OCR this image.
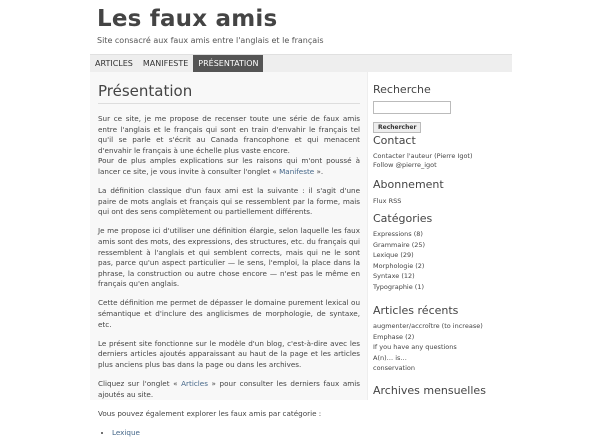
Les faux amis
Site consacré aux faux amis entre l'anglais et le français
ARTICLES	MANIFESTE	PRÉSENTATION
Présentation

Sur ce site, je me propose de recenser toute une série de faux amis entre l'anglais et le français qui sont en train d'envahir le français tel qu'il se parle et s'écrit au Canada francophone et qui menacent d'envahir le français à une échelle plus vaste encore.
Pour de plus amples explications sur les raisons qui m'ont poussé à lancer ce site, je vous invite à consulter l'onglet « Manifeste ».

La définition classique d'un faux ami est la suivante : il s'agit d'une paire de mots anglais et français qui se ressemblent par la forme, mais qui ont des sens complètement ou partiellement différents.

Je me propose ici d'utiliser une définition élargie, selon laquelle les faux amis sont des mots, des expressions, des structures, etc. du français qui ressemblent à l'anglais et qui semblent corrects, mais qui ne le sont pas, parce qu'un aspect particulier — le sens, l'emploi, la place dans la phrase, la construction ou autre chose encore — n'est pas le même en français qu'en anglais.

Cette définition me permet de dépasser le domaine purement lexical ou sémantique et d'inclure des anglicismes de morphologie, de syntaxe, etc.

Le présent site fonctionne sur le modèle d'un blog, c'est-à-dire avec les derniers articles ajoutés apparaissant au haut de la page et les articles plus anciens plus bas dans la page ou dans les archives.

Cliquez sur l'onglet « Articles » pour consulter les derniers faux amis ajoutés au site.

Vous pouvez également explorer les faux amis par catégorie :

• Lexique
Recherche
Rechercher
Contact
Contacter l'auteur (Pierre Igot)
Follow @pierre_igot
Abonnement
Flux RSS
Catégories
Expressions (8)
Grammaire (25)
Lexique (29)
Morphologie (2)
Syntaxe (12)
Typographie (1)
Articles récents
augmenter/accroître (to increase)
Emphase (2)
If you have any questions
A(n)… is…
conservation
Archives mensuelles
